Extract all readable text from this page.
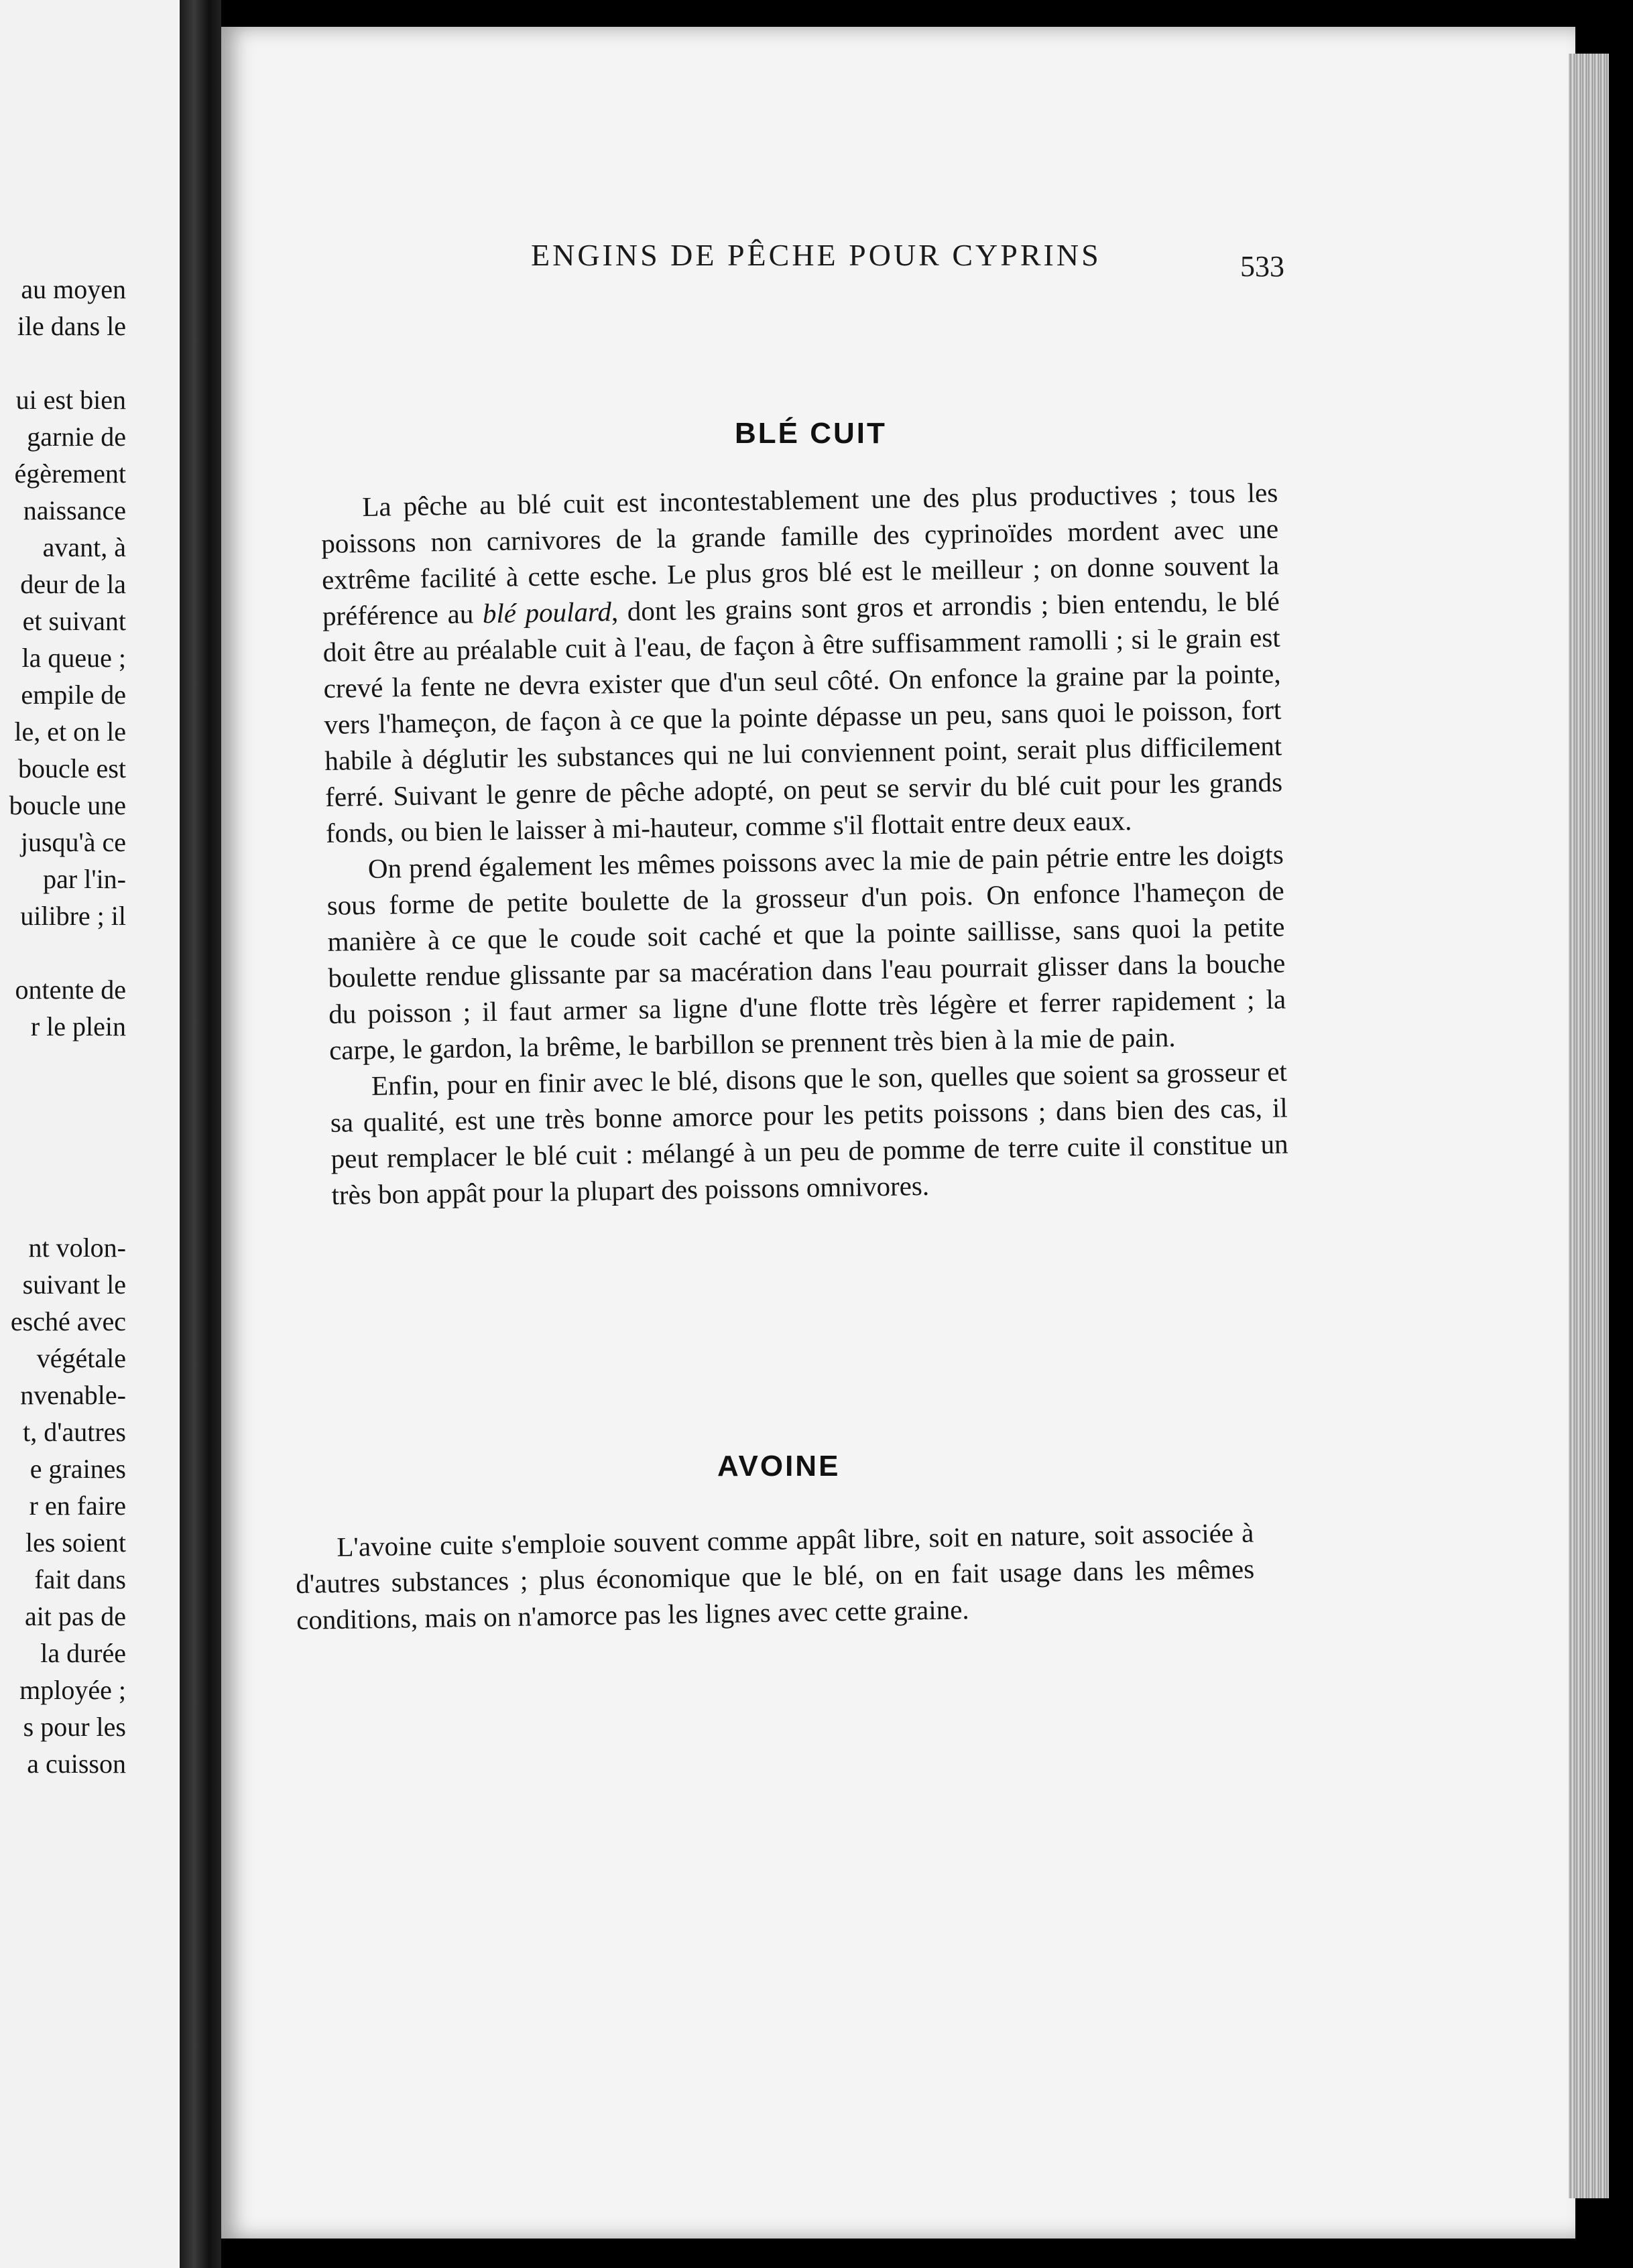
au moyen
ile dans le
ui est bien
garnie de
égèrement
naissance
avant, à
deur de la
et suivant
la queue ;
empile de
le, et on le
boucle est
boucle une
jusqu'à ce
par l'in-
uilibre ; il
ontente de
r le plein
nt volon-
suivant le
esché avec
végétale
nvenable-
t, d'autres
e graines
r en faire
les soient
fait dans
ait pas de
la durée
mployée ;
s pour les
a cuisson
ENGINS DE PÊCHE POUR CYPRINS	533
BLÉ CUIT

La pêche au blé cuit est incontestablement une des plus productives ; tous les poissons non carnivores de la grande famille des cyprinoïdes mordent avec une extrême facilité à cette esche. Le plus gros blé est le meilleur ; on donne souvent la préférence au blé poulard, dont les grains sont gros et arrondis ; bien entendu, le blé doit être au préalable cuit à l'eau, de façon à être suffisamment ramolli ; si le grain est crevé la fente ne devra exister que d'un seul côté. On enfonce la graine par la pointe, vers l'hameçon, de façon à ce que la pointe dépasse un peu, sans quoi le poisson, fort habile à déglutir les substances qui ne lui conviennent point, serait plus difficilement ferré. Suivant le genre de pêche adopté, on peut se servir du blé cuit pour les grands fonds, ou bien le laisser à mi-hauteur, comme s'il flottait entre deux eaux.

On prend également les mêmes poissons avec la mie de pain pétrie entre les doigts sous forme de petite boulette de la grosseur d'un pois. On enfonce l'hameçon de manière à ce que le coude soit caché et que la pointe saillisse, sans quoi la petite boulette rendue glissante par sa macération dans l'eau pourrait glisser dans la bouche du poisson ; il faut armer sa ligne d'une flotte très légère et ferrer rapidement ; la carpe, le gardon, la brême, le barbillon se prennent très bien à la mie de pain.

Enfin, pour en finir avec le blé, disons que le son, quelles que soient sa grosseur et sa qualité, est une très bonne amorce pour les petits poissons ; dans bien des cas, il peut remplacer le blé cuit : mélangé à un peu de pomme de terre cuite il constitue un très bon appât pour la plupart des poissons omnivores.

AVOINE

L'avoine cuite s'emploie souvent comme appât libre, soit en nature, soit associée à d'autres substances ; plus économique que le blé, on en fait usage dans les mêmes conditions, mais on n'amorce pas les lignes avec cette graine.
